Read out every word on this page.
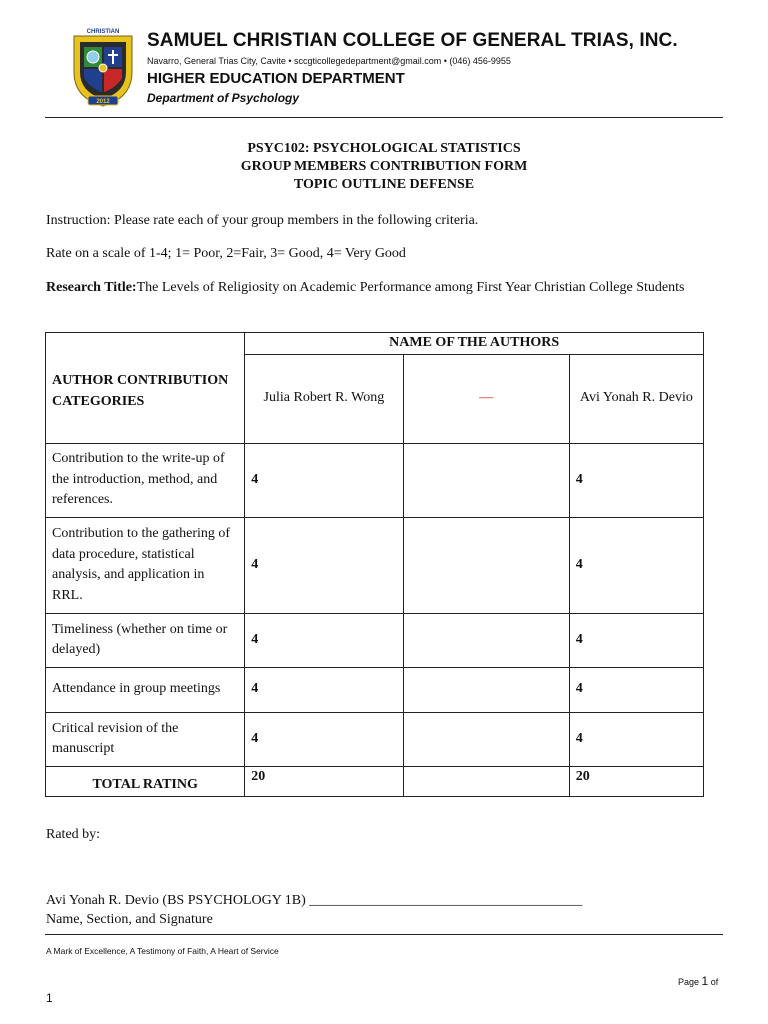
2012
CHRISTIAN SAMUEL CHRISTIAN COLLEGE OF GENERAL TRIAS, INC.
Navarro, General Trias City, Cavite • sccgticollegedepartment@gmail.com • (046) 456-9955
HIGHER EDUCATION DEPARTMENT
Department of Psychology
PSYC102: PSYCHOLOGICAL STATISTICS
GROUP MEMBERS CONTRIBUTION FORM
TOPIC OUTLINE DEFENSE
Instruction: Please rate each of your group members in the following criteria.
Rate on a scale of 1-4; 1= Poor, 2=Fair, 3= Good, 4= Very Good
Research Title:The Levels of Religiosity on Academic Performance among First Year Christian College Students
AUTHOR CONTRIBUTION CATEGORIES	NAME OF THE AUTHORS		
	Julia Robert R. Wong	—	Avi Yonah R. Devio
Contribution to the write-up of the introduction, method, and references.	4		4
Contribution to the gathering of data procedure, statistical analysis, and application in RRL.	4		4
Timeliness (whether on time or delayed)	4		4
Attendance in group meetings	4		4
Critical revision of the manuscript	4		4
TOTAL RATING	20		20
Rated by:
Avi Yonah R. Devio (BS PSYCHOLOGY 1B) _______________________________________
Name, Section, and Signature
A Mark of Excellence, A Testimony of Faith, A Heart of Service
Page 1 of
1
